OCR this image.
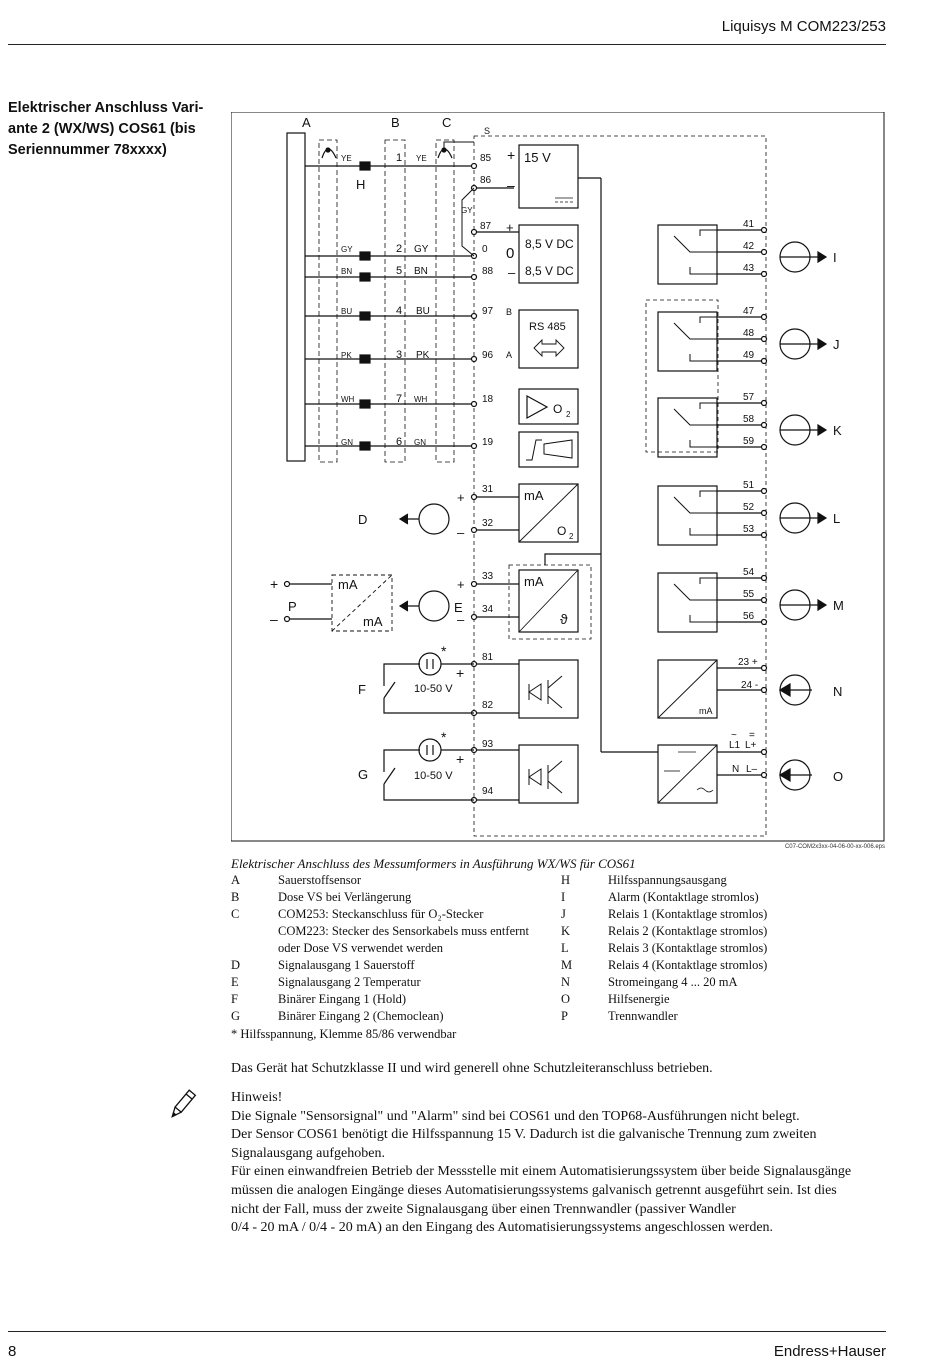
Liquisys M COM223/253
Elektrischer Anschluss Vari-
ante 2 (WX/WS) COS61 (bis
Seriennummer 78xxxx)
A	B	C
S
H
YE	1 YE	85
GY	2 GY	0
BN	5 BN	88
BU	4 BU	97
PK	3 PK	96
WH	7 WH	18
GN	6 GN	19
86
GY
87
15 V
+
–
8,5 V DC
8,5 V DC
+
0
–
RS 485
B
A
O 2
mA
O 2
31
32
+
–
D
mA
ϑ
33
34
+
–
E
mA
mA
+
–
P
81
82
93
94
*
+
10-50 V
F
*
+
10-50 V
G
41
42
43
I
47
48
49
J
57
58
59
K
51
52
53
L
54
55
56
M
mA
23 +
24 -	N
~ =
L1 L+
N L–	O
C07-COM2x3xx-04-06-00-xx-006.eps
Elektrischer Anschluss des Messumformers in Ausführung WX/WS für COS61
A	Sauerstoffsensor	H	Hilfsspannungsausgang
B	Dose VS bei Verlängerung	I	Alarm (Kontaktlage stromlos)
C	COM253: Steckanschluss für O₂-Stecker	J	Relais 1 (Kontaktlage stromlos)
COM223: Stecker des Sensorkabels muss entfernt	K	Relais 2 (Kontaktlage stromlos)
oder Dose VS verwendet werden	L	Relais 3 (Kontaktlage stromlos)
D	Signalausgang 1 Sauerstoff	M	Relais 4 (Kontaktlage stromlos)
E	Signalausgang 2 Temperatur	N	Stromeingang 4 ... 20 mA
F	Binärer Eingang 1 (Hold)	O	Hilfsenergie
G	Binärer Eingang 2 (Chemoclean)	P	Trennwandler
* Hilfsspannung, Klemme 85/86 verwendbar
Das Gerät hat Schutzklasse II und wird generell ohne Schutzleiteranschluss betrieben.
Hinweis!
Die Signale "Sensorsignal" und "Alarm" sind bei COS61 und den TOP68-Ausführungen nicht belegt.
Der Sensor COS61 benötigt die Hilfsspannung 15 V. Dadurch ist die galvanische Trennung zum zweiten
Signalausgang aufgehoben.
Für einen einwandfreien Betrieb der Messstelle mit einem Automatisierungssystem über beide Signalausgänge
müssen die analogen Eingänge dieses Automatisierungssystems galvanisch getrennt ausgeführt sein. Ist dies
nicht der Fall, muss der zweite Signalausgang über einen Trennwandler (passiver Wandler
0/4 - 20 mA / 0/4 - 20 mA) an den Eingang des Automatisierungssystems angeschlossen werden.
8	Endress+Hauser
